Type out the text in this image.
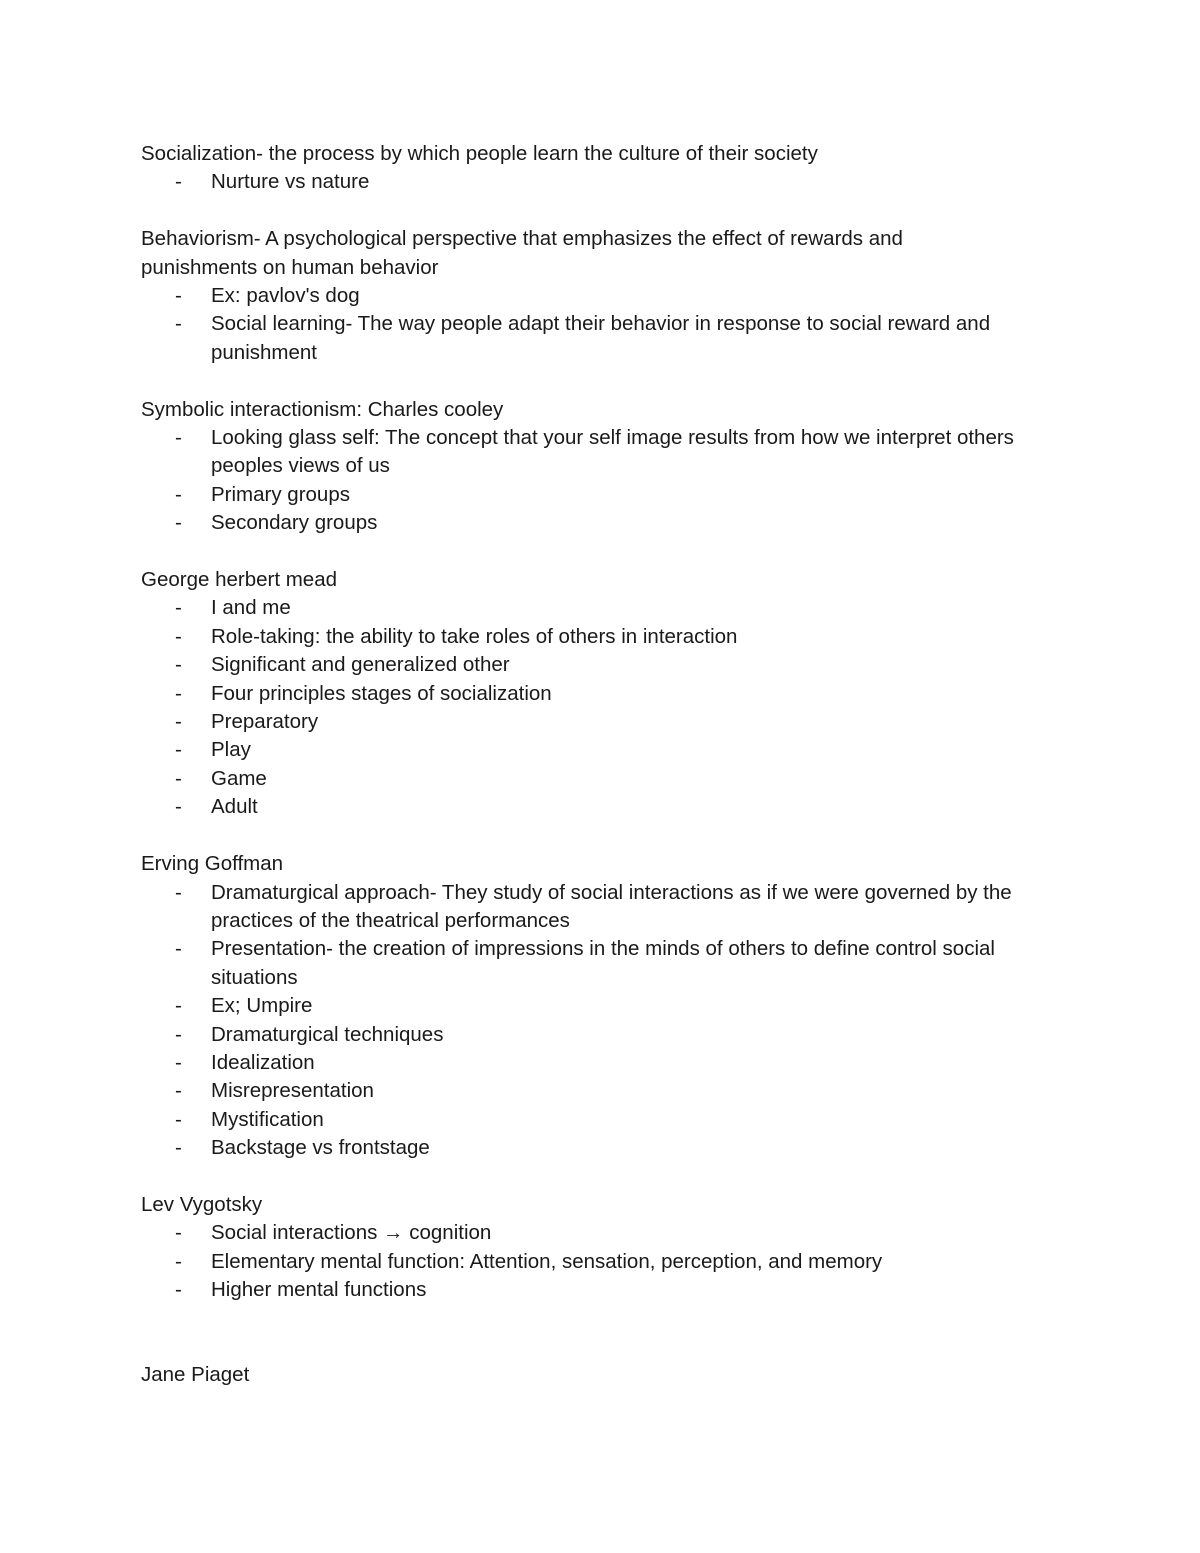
Socialization- the process by which people learn the culture of their society
- Nurture vs nature
Behaviorism- A psychological perspective that emphasizes the effect of rewards and
punishments on human behavior
- Ex: pavlov's dog
- Social learning- The way people adapt their behavior in response to social reward and punishment
Symbolic interactionism: Charles cooley
- Looking glass self: The concept that your self image results from how we interpret others peoples views of us
- Primary groups
- Secondary groups
George herbert mead
- I and me
- Role-taking: the ability to take roles of others in interaction
- Significant and generalized other
- Four principles stages of socialization
- Preparatory
- Play
- Game
- Adult
Erving Goffman
- Dramaturgical approach- They study of social interactions as if we were governed by the practices of the theatrical performances
- Presentation- the creation of impressions in the minds of others to define control social situations
- Ex; Umpire
- Dramaturgical techniques
- Idealization
- Misrepresentation
- Mystification
- Backstage vs frontstage
Lev Vygotsky
- Social interactions → cognition
- Elementary mental function: Attention, sensation, perception, and memory
- Higher mental functions
Jane Piaget
